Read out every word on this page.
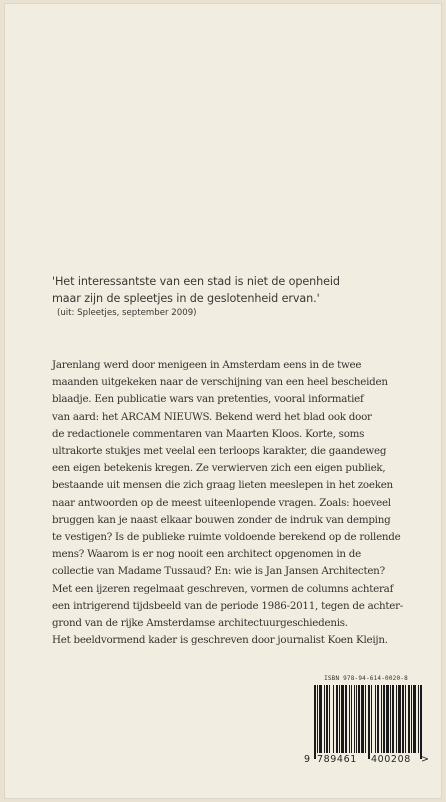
'Het interessantste van een stad is niet de openheid
maar zijn de spleetjes in de geslotenheid ervan.'
(uit: Spleetjes, september 2009)
Jarenlang werd door menigeen in Amsterdam eens in de twee
maanden uitgekeken naar de verschijning van een heel bescheiden
blaadje. Een publicatie wars van pretenties, vooral informatief
van aard: het ARCAM NIEUWS. Bekend werd het blad ook door
de redactionele commentaren van Maarten Kloos. Korte, soms
ultrakorte stukjes met veelal een terloops karakter, die gaandeweg
een eigen betekenis kregen. Ze verwierven zich een eigen publiek,
bestaande uit mensen die zich graag lieten meeslepen in het zoeken
naar antwoorden op de meest uiteenlopende vragen. Zoals: hoeveel
bruggen kan je naast elkaar bouwen zonder de indruk van demping
te vestigen? Is de publieke ruimte voldoende berekend op de rollende
mens? Waarom is er nog nooit een architect opgenomen in de
collectie van Madame Tussaud? En: wie is Jan Jansen Architecten?
Met een ijzeren regelmaat geschreven, vormen de columns achteraf
een intrigerend tijdsbeeld van de periode 1986-2011, tegen de achter-
grond van de rijke Amsterdamse architectuurgeschiedenis.
Het beeldvormend kader is geschreven door journalist Koen Kleijn.
ISBN 978-94-614-0020-8
9 789461 400208 >
